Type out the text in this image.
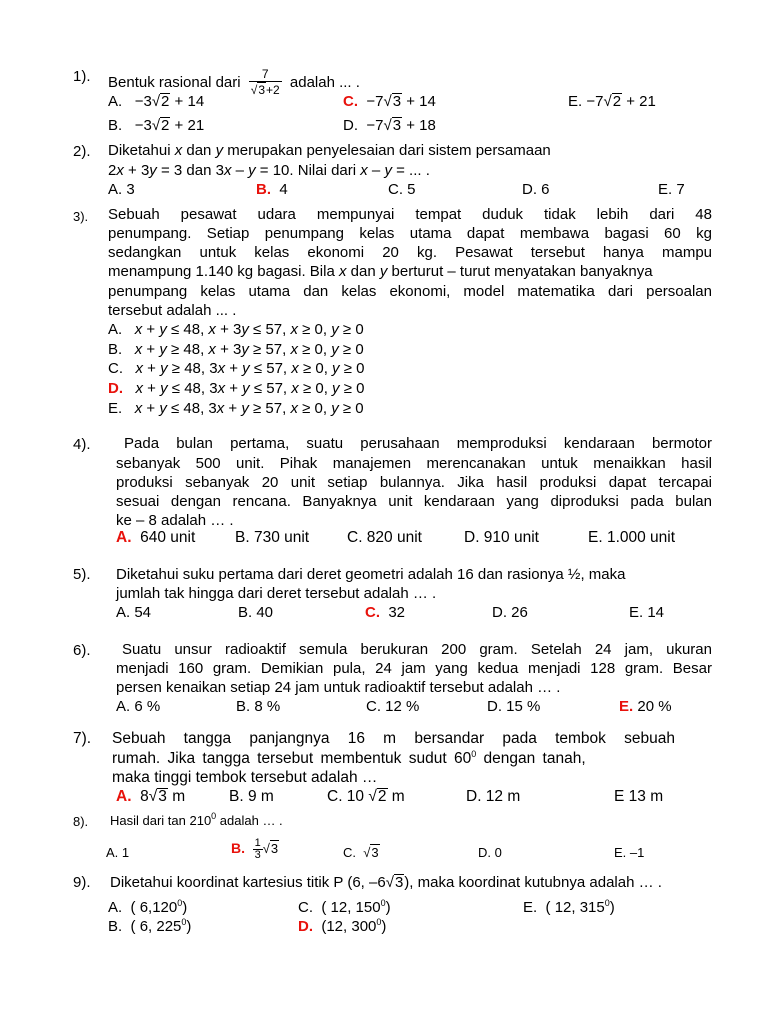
1). Bentuk rasional dari $\frac{7}{√3+2}$ adalah ... .
A. −3√2 + 14	C. −7√3 + 14	E. −7√2 + 21
B. −3√2 + 21	D. −7√3 + 18
2). Diketahui x dan y merupakan penyelesaian dari sistem persamaan
2x + 3y = 3 dan 3x – y = 10. Nilai dari x – y = ... .
A. 3	B. 4	C. 5	D. 6	E. 7
3). Sebuah pesawat udara mempunyai tempat duduk tidak lebih dari 48
penumpang. Setiap penumpang kelas utama dapat membawa bagasi 60 kg
sedangkan untuk kelas ekonomi 20 kg. Pesawat tersebut hanya mampu
menampung 1.140 kg bagasi. Bila x dan y berturut – turut menyatakan banyaknya
penumpang kelas utama dan kelas ekonomi, model matematika dari persoalan
tersebut adalah ... .
A. x + y ≤ 48, x + 3y ≤ 57, x ≥ 0, y ≥ 0
B. x + y ≥ 48, x + 3y ≥ 57, x ≥ 0, y ≥ 0
C. x + y ≥ 48, 3x + y ≤ 57, x ≥ 0, y ≥ 0
D. x + y ≤ 48, 3x + y ≤ 57, x ≥ 0, y ≥ 0
E. x + y ≤ 48, 3x + y ≥ 57, x ≥ 0, y ≥ 0
4). Pada bulan pertama, suatu perusahaan memproduksi kendaraan bermotor
sebanyak 500 unit. Pihak manajemen merencanakan untuk menaikkan hasil
produksi sebanyak 20 unit setiap bulannya. Jika hasil produksi dapat tercapai
sesuai dengan rencana. Banyaknya unit kendaraan yang diproduksi pada bulan
ke – 8 adalah … .
A. 640 unit	B. 730 unit C. 820 unit	D. 910 unit	E. 1.000 unit
5). Diketahui suku pertama dari deret geometri adalah 16 dan rasionya ½, maka
jumlah tak hingga dari deret tersebut adalah … .
A. 54	B. 40	C. 32	D. 26	E. 14
6). Suatu unsur radioaktif semula berukuran 200 gram. Setelah 24 jam, ukuran
menjadi 160 gram. Demikian pula, 24 jam yang kedua menjadi 128 gram. Besar
persen kenaikan setiap 24 jam untuk radioaktif tersebut adalah … .
A. 6 %	B. 8 %	C. 12 %	D. 15 %	E. 20 %
7). Sebuah tangga panjangnya 16 m bersandar pada tembok sebuah
rumah. Jika tangga tersebut membentuk sudut $60^0$ dengan tanah,
maka tinggi tembok tersebut adalah …
A. 8√3 m	B. 9 m	C. 10 √2 m	D. 12 m	E 13 m
8). Hasil dari $\tan 210^0$ adalah … .
A. 1	B. $\frac{1}{3} √3$	C.  √3	D. 0	E. –1
9). Diketahui koordinat kartesius titik P (6, –6√3), maka koordinat kutubnya adalah … .
A. ( 6,120$^0$)	C. ( 12, $150^0$)	E. ( 12, $315^0$)
B. ( 6, $225^0$)	D. (12, $300^0$)
